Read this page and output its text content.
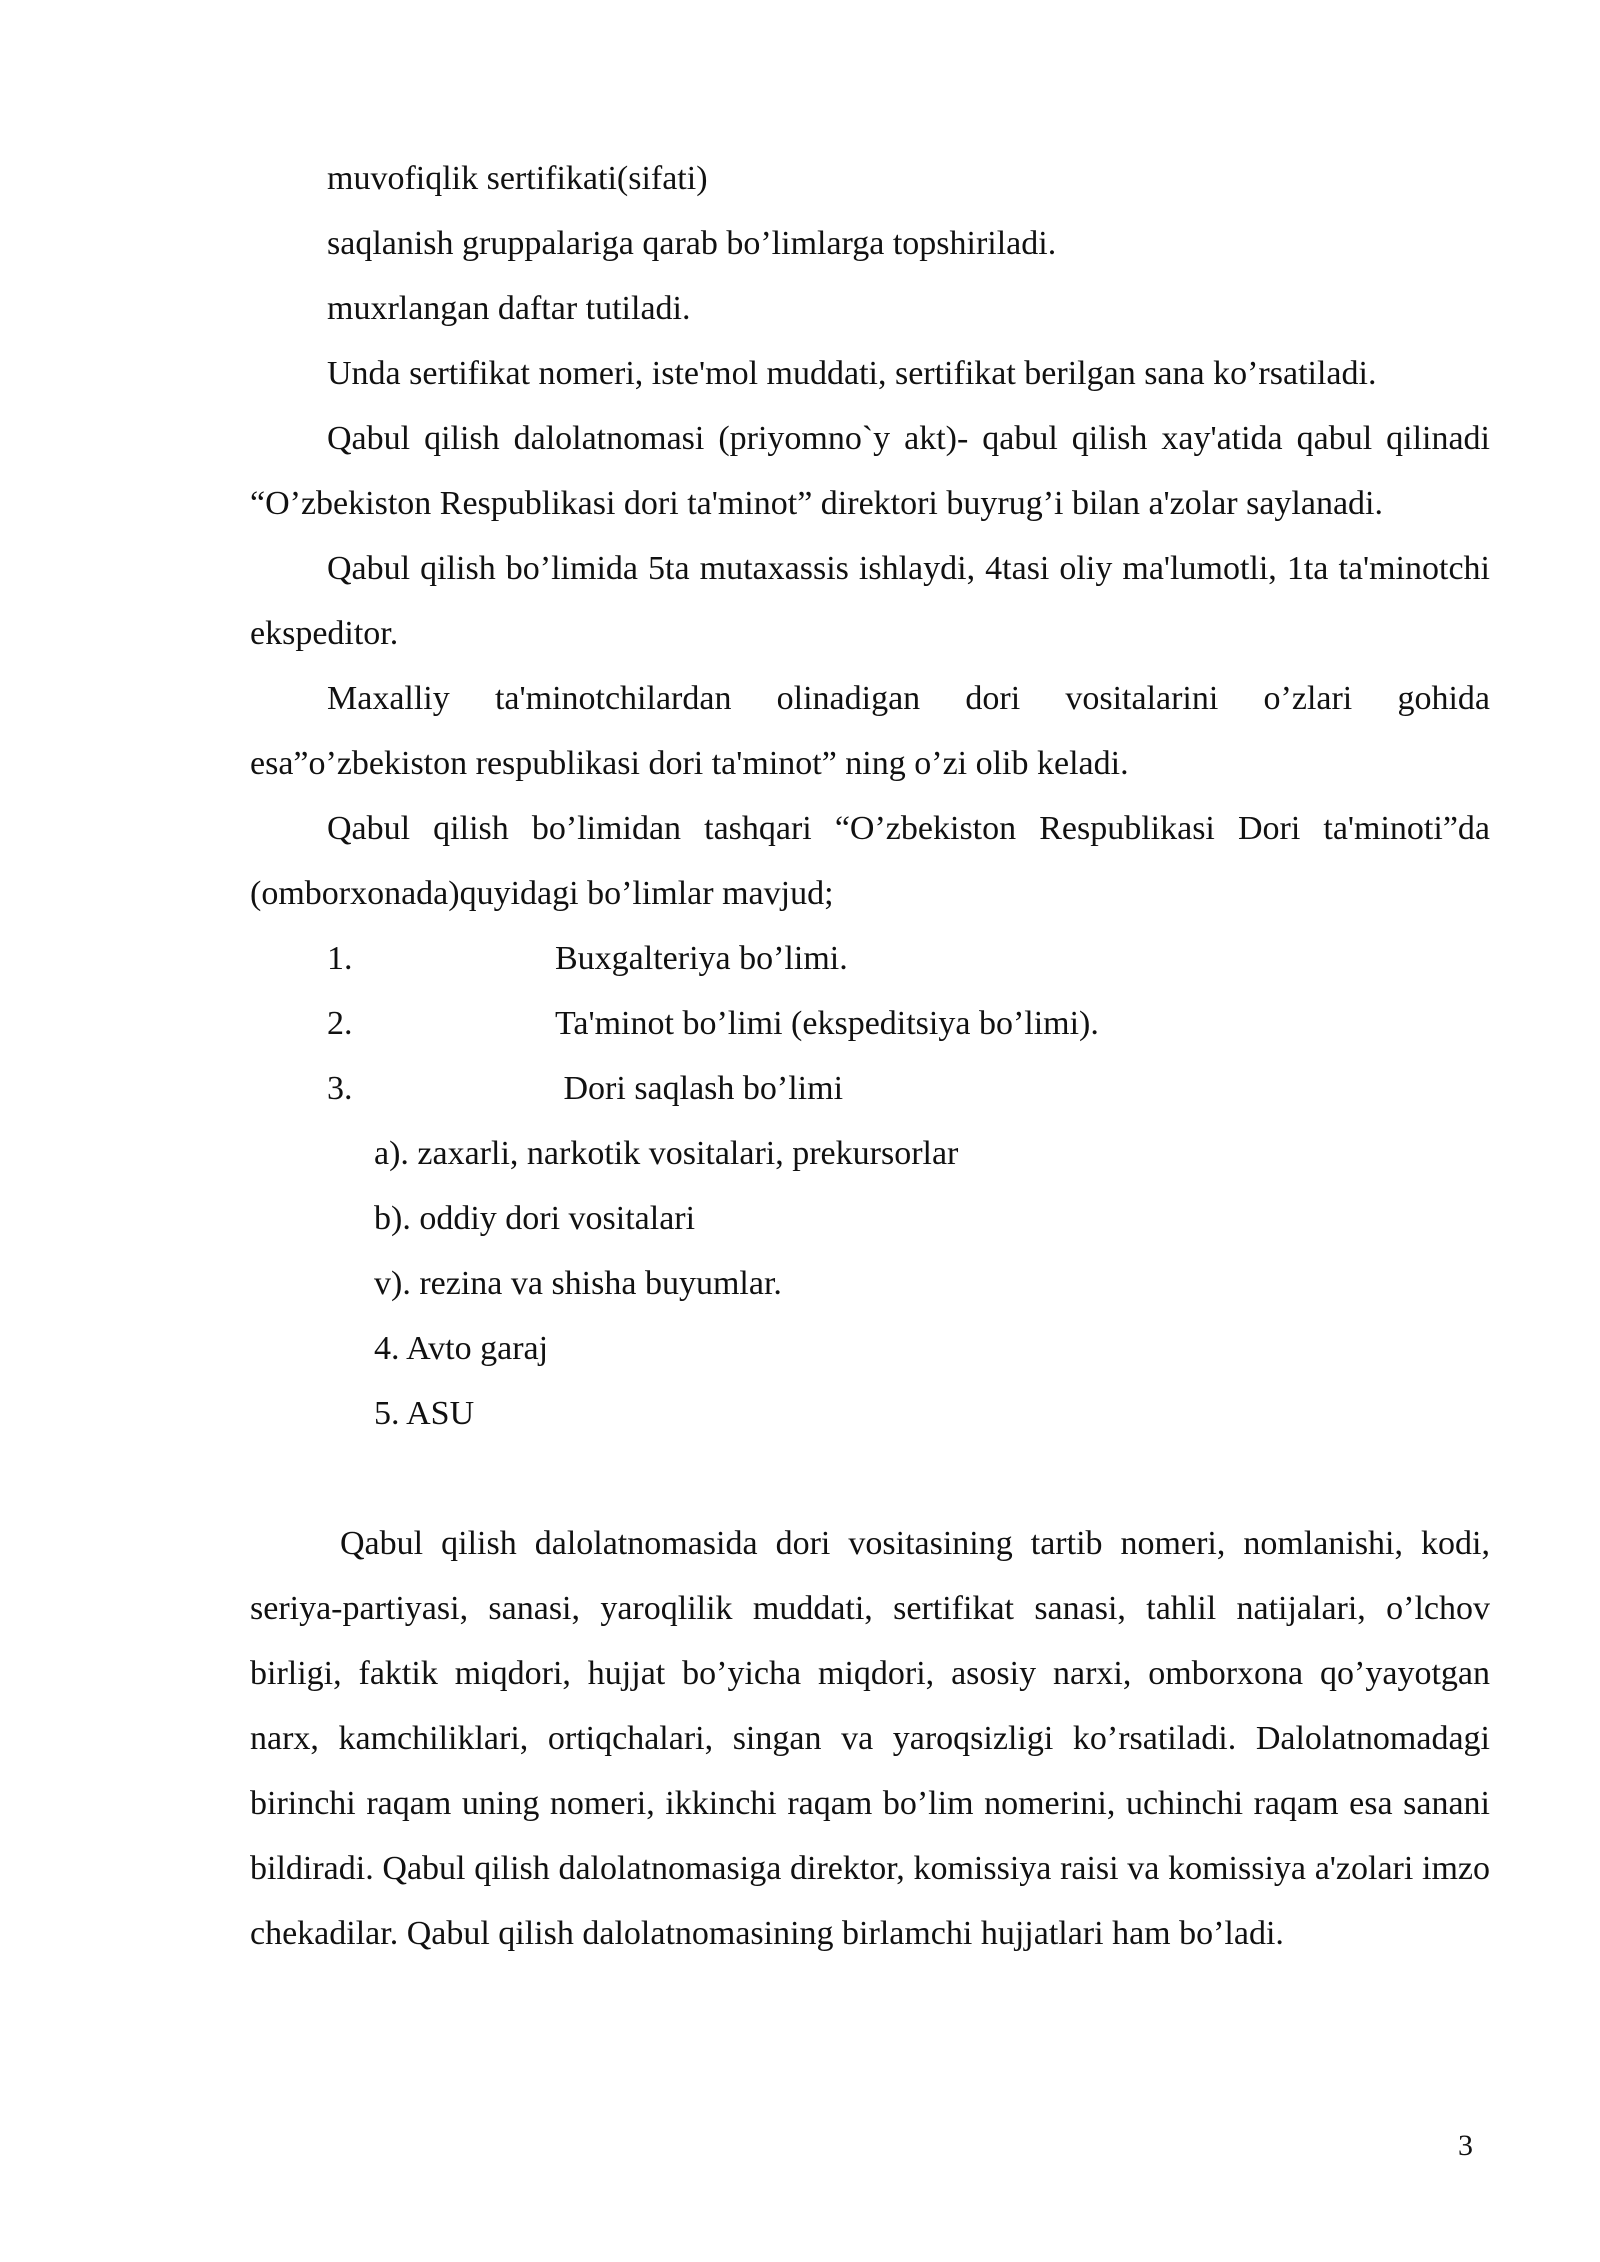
muvofiqlik sertifikati(sifati)
saqlanish gruppalariga qarab bo’limlarga topshiriladi.
muxrlangan daftar tutiladi.
Unda sertifikat nomeri, iste'mol muddati, sertifikat berilgan sana ko’rsatiladi.

Qabul qilish dalolatnomasi (priyomno`y akt)- qabul qilish xay'atida qabul qilinadi “O’zbekiston Respublikasi dori ta'minot” direktori buyrug’i bilan a'zolar saylanadi.

Qabul qilish bo’limida 5ta mutaxassis ishlaydi, 4tasi oliy ma'lumotli, 1ta ta'minotchi ekspeditor.

Maxalliy ta'minotchilardan olinadigan dori vositalarini o’zlari gohida esa”o’zbekiston respublikasi dori ta'minot” ning o’zi olib keladi.

Qabul qilish bo’limidan tashqari “O’zbekiston Respublikasi Dori ta'minoti”da (omborxonada)quyidagi bo’limlar mavjud;

1.	Buxgalteriya bo’limi.
2.	Ta'minot bo’limi (ekspeditsiya bo’limi).
3.	Dori saqlash bo’limi
a). zaxarli, narkotik vositalari, prekursorlar
b). oddiy dori vositalari
v). rezina va shisha buyumlar.
4. Avto garaj
5. ASU

Qabul qilish dalolatnomasida dori vositasining tartib nomeri, nomlanishi, kodi, seriya-partiyasi, sanasi, yaroqlilik muddati, sertifikat sanasi, tahlil natijalari, o’lchov birligi, faktik miqdori, hujjat bo’yicha miqdori, asosiy narxi, omborxona qo’yayotgan narx, kamchiliklari, ortiqchalari, singan va yaroqsizligi ko’rsatiladi. Dalolatnomadagi birinchi raqam uning nomeri, ikkinchi raqam bo’lim nomerini, uchinchi raqam esa sanani bildiradi. Qabul qilish dalolatnomasiga direktor, komissiya raisi va komissiya a'zolari imzo chekadilar. Qabul qilish dalolatnomasining birlamchi hujjatlari ham bo’ladi.

3
